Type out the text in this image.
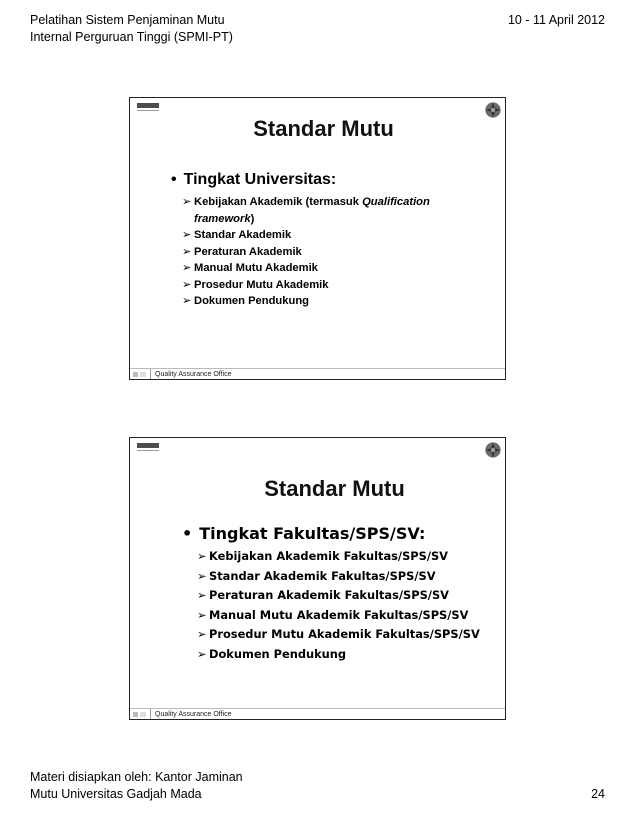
Pelatihan Sistem Penjaminan Mutu
Internal Perguruan Tinggi (SPMI-PT)
10 - 11 April 2012
Standar Mutu
• Tingkat Universitas:
➢ Kebijakan Akademik (termasuk Qualification framework)
➢ Standar Akademik
➢ Peraturan Akademik
➢ Manual Mutu Akademik
➢ Prosedur Mutu Akademik
➢ Dokumen Pendukung
Quality Assurance Office
Standar Mutu
• Tingkat Fakultas/SPS/SV:
➢ Kebijakan Akademik Fakultas/SPS/SV
➢ Standar Akademik Fakultas/SPS/SV
➢ Peraturan Akademik Fakultas/SPS/SV
➢ Manual Mutu Akademik Fakultas/SPS/SV
➢ Prosedur Mutu Akademik Fakultas/SPS/SV
➢ Dokumen Pendukung
Quality Assurance Office
Materi disiapkan oleh: Kantor Jaminan
Mutu Universitas Gadjah Mada	24
